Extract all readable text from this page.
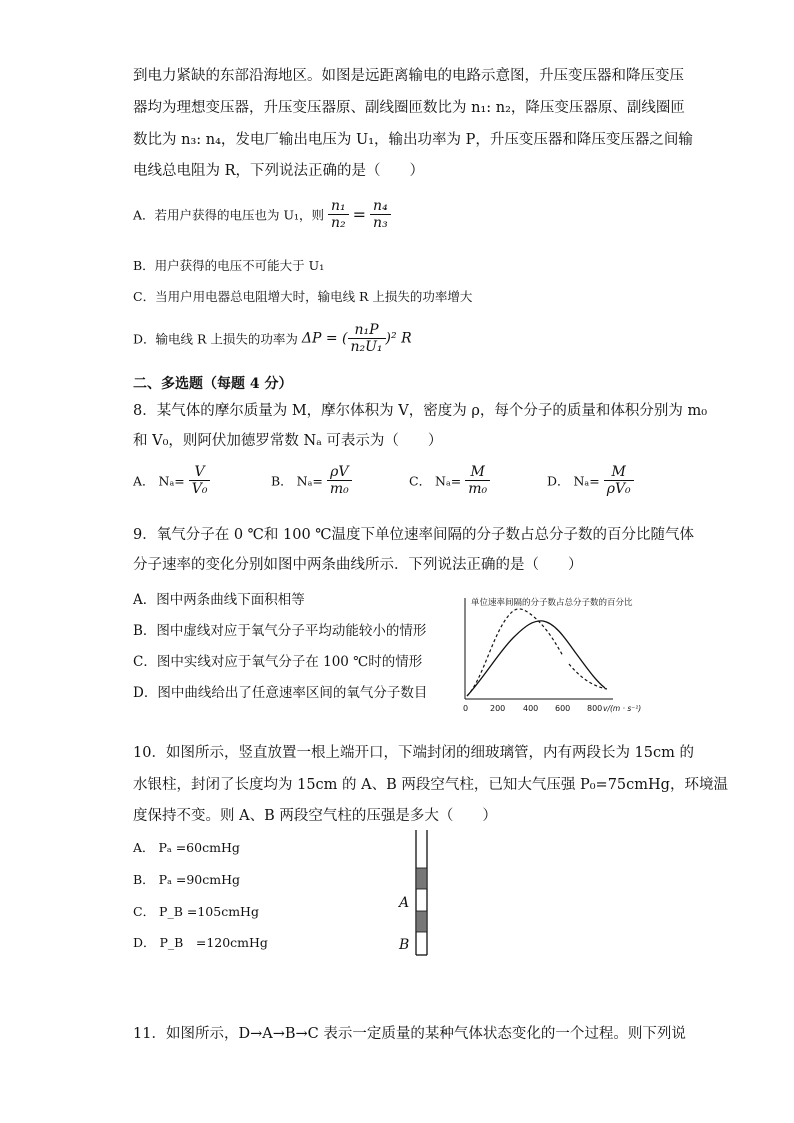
到电力紧缺的东部沿海地区。如图是远距离输电的电路示意图，升压变压器和降压变压
器均为理想变压器，升压变压器原、副线圈匝数比为 n₁: n₂，降压变压器原、副线圈匝
数比为 n₃: n₄，发电厂输出电压为 U₁，输出功率为 P，升压变压器和降压变压器之间输
电线总电阻为 R，下列说法正确的是（　　）
A．若用户获得的电压也为 U₁，则 $\frac{\text{n₁}}{\text{n₂}} = \frac{\text{n₄}}{\text{n₃}}$
B．用户获得的电压不可能大于 U₁
C．当用户用电器总电阻增大时，输电线 R 上损失的功率增大
D．输电线 R 上损失的功率为 ΔP = ( $\frac{\text{n₁P}}{\text{n₂U₁}} )^2$ R
二、多选题（每题 4 分）
8．某气体的摩尔质量为 M，摩尔体积为 V，密度为 ρ，每个分子的质量和体积分别为 m₀
和 V₀，则阿伏加德罗常数 Nₐ 可表示为（　　）
A． $N_a= \frac{V}{\text{V₀}}$	B． $N_a= \frac{\rho V}{\text{m₀}}$	C． $N_a= \frac{M}{\text{m₀}}$	D． $N_a= \frac{M}{\text{ρV₀}}$
9．氧气分子在 0 ℃和 100 ℃温度下单位速率间隔的分子数占总分子数的百分比随气体
分子速率的变化分别如图中两条曲线所示．下列说法正确的是（　　）
A．图中两条曲线下面积相等
B．图中虚线对应于氧气分子平均动能较小的情形
C．图中实线对应于氧气分子在 100 ℃时的情形
D．图中曲线给出了任意速率区间的氧气分子数目
单位速率间隔的分子数占总分子数的百分比
0	200 400 600 800 v/(m · s⁻¹)
10．如图所示，竖直放置一根上端开口，下端封闭的细玻璃管，内有两段长为 15cm 的
水银柱，封闭了长度均为 15cm 的 A、B 两段空气柱，已知大气压强 P₀=75cmHg，环境温
度保持不变。则 A、B 两段空气柱的压强是多大（　　）
A． Pₐ =60cmHg
B． Pₐ =90cmHg
C． P_B =105cmHg
D． P_B　=120cmHg
A
B
11．如图所示，D→A→B→C 表示一定质量的某种气体状态变化的一个过程。则下列说
